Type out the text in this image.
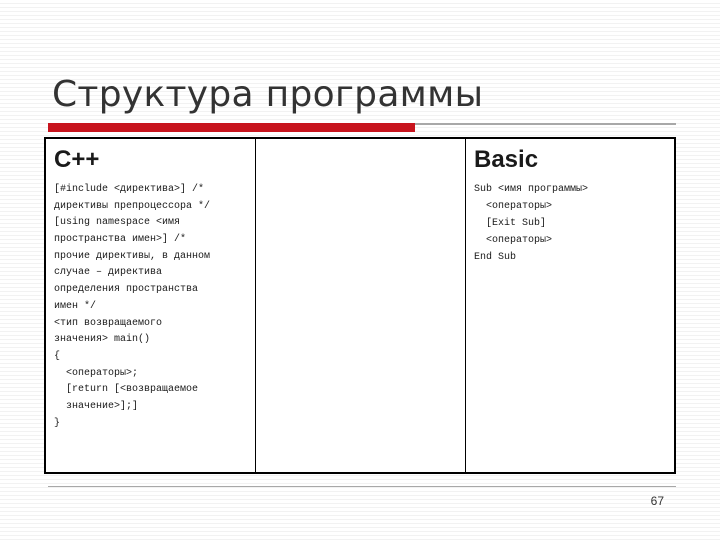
Структура программы
C++
[#include <директива>] /*
директивы препроцессора */
[using namespace <имя
пространства имен>] /*
прочие директивы, в данном
случае – директива
определения пространства
имен */
<тип возвращаемого
значения> main()
{
<операторы>;
[return [<возвращаемое
значение>];]
}
Basic
Sub <имя программы>
<операторы>
[Exit Sub]
<операторы>
End Sub
67
